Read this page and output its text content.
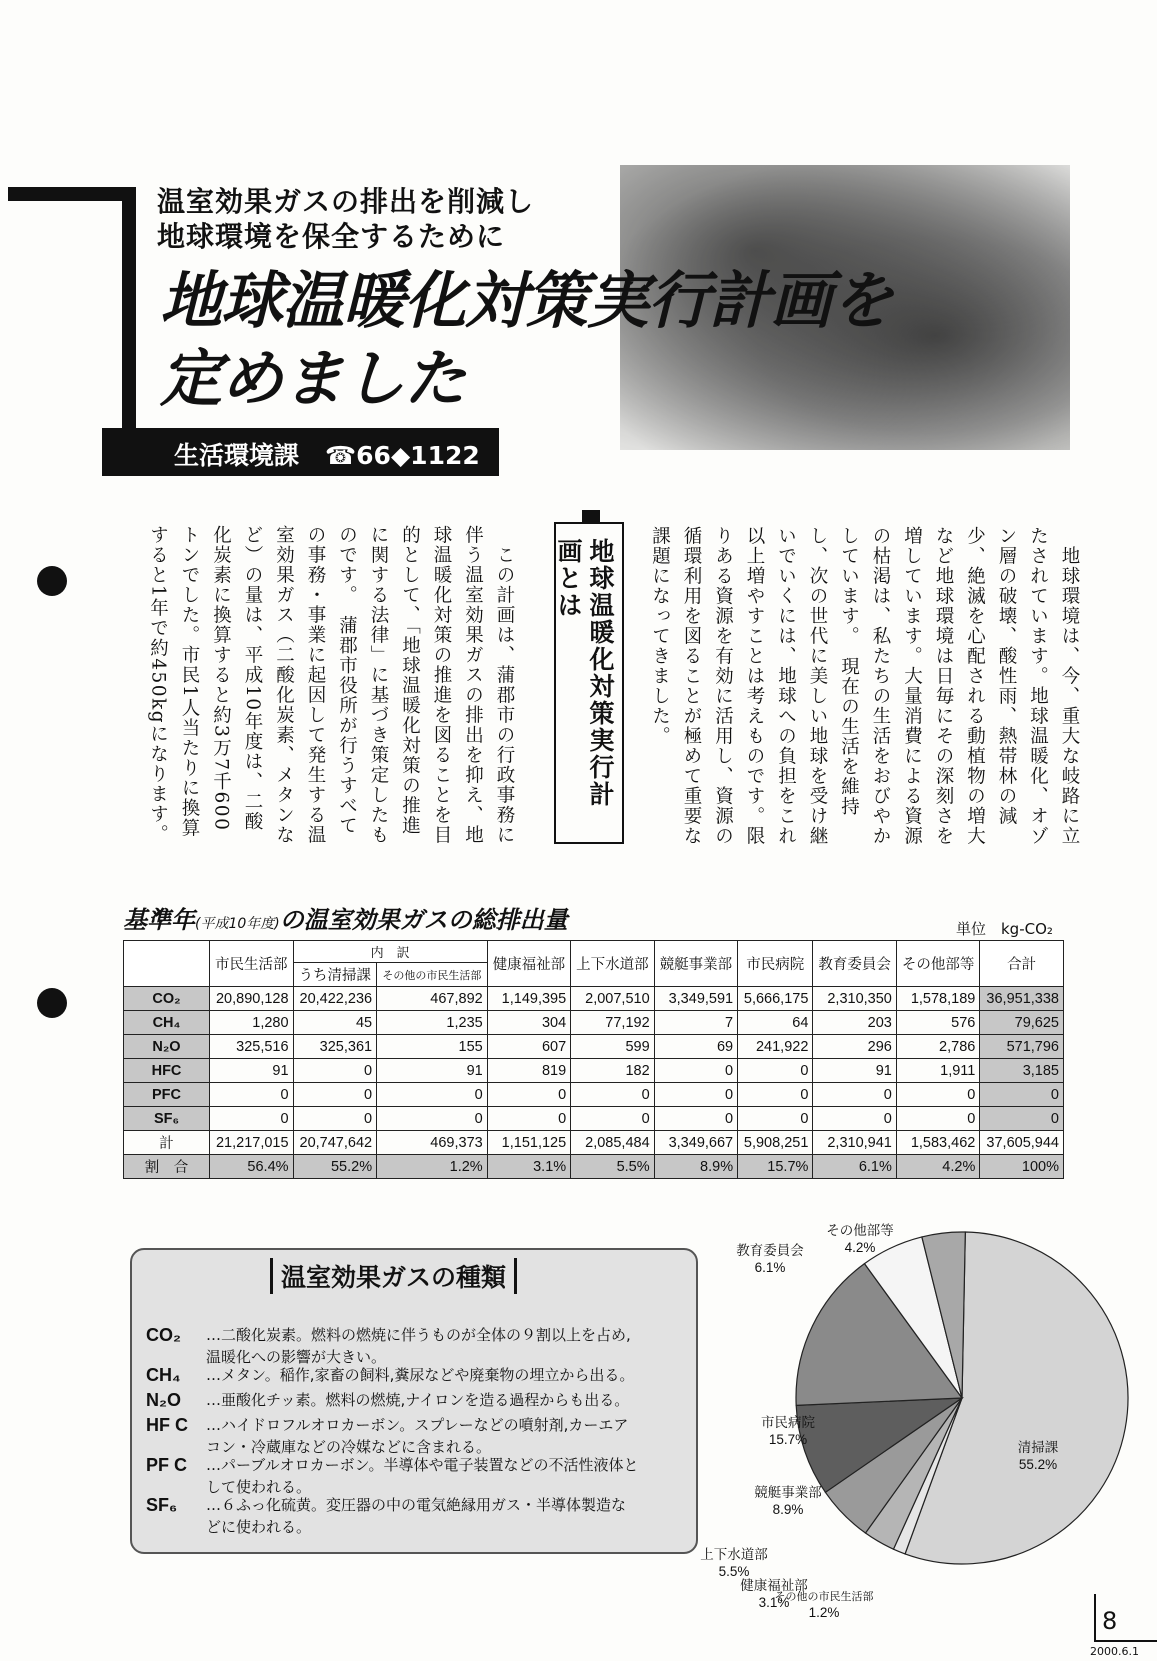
温室効果ガスの排出を削減し
地球環境を保全するために
地球温暖化対策実行計画を
定めました
生活環境課 ☎66◆1122
　地球環境は、今、重大な岐路に立たされています。地球温暖化、オゾン層の破壊、酸性雨、熱帯林の減少、絶滅を心配される動植物の増大など地球環境は日毎にその深刻さを増しています。大量消費による資源の枯渇は、私たちの生活をおびやかしています。　現在の生活を維持し、次の世代に美しい地球を受け継いでいくには、地球への負担をこれ以上増やすことは考えものです。限りある資源を有効に活用し、資源の循環利用を図ることが極めて重要な課題になってきました。
地球温暖化対策実行計画とは
　この計画は、蒲郡市の行政事務に伴う温室効果ガスの排出を抑え、地球温暖化対策の推進を図ることを目的として、「地球温暖化対策の推進に関する法律」に基づき策定したものです。　蒲郡市役所が行うすべての事務・事業に起因して発生する温室効果ガス（二酸化炭素、メタンなど）の量は、平成10年度は、二酸化炭素に換算すると約3万7千600トンでした。市民1人当たりに換算すると1年で約450kgになります。
基準年(平成10年度)の温室効果ガスの総排出量	単位　kg-CO₂
	市民生活部	内　訳		健康福祉部	上下水道部	競艇事業部	市民病院	教育委員会	その他部等	合計
		うち清掃課	その他の市民生活部							
CO₂	20,890,128	20,422,236	467,892	1,149,395	2,007,510	3,349,591	5,666,175	2,310,350	1,578,189	36,951,338
CH₄	1,280	45	1,235	304	77,192	7	64	203	576	79,625
N₂O	325,516	325,361	155	607	599	69	241,922	296	2,786	571,796
HFC	91	0	91	819	182	0	0	91	1,911	3,185
PFC	0	0	0	0	0	0	0	0	0	0
SF₆	0	0	0	0	0	0	0	0	0	0
計	21,217,015	20,747,642	469,373	1,151,125	2,085,484	3,349,667	5,908,251	2,310,941	1,583,462	37,605,944
割　合	56.4%	55.2%	1.2%	3.1%	5.5%	8.9%	15.7%	6.1%	4.2%	100%
温室効果ガスの種類
CO₂	…二酸化炭素。燃料の燃焼に伴うものが全体の９割以上を占め,
温暖化への影響が大きい。
CH₄	…メタン。稲作,家畜の飼料,糞尿などや廃棄物の埋立から出る。
N₂O	…亜酸化チッ素。燃料の燃焼,ナイロンを造る過程からも出る。
HF C	…ハイドロフルオロカーボン。スプレーなどの噴射剤,カーエア
コン・冷蔵庫などの冷媒などに含まれる。
PF C	…パーブルオロカーボン。半導体や電子装置などの不活性液体と
して使われる。
SF₆	…６ふっ化硫黄。変圧器の中の電気絶縁用ガス・半導体製造な
どに使われる。
清掃課
55.2%
その他の市民生活部
1.2%
健康福祉部
3.1%
上下水道部
5.5%
競艇事業部
8.9%
市民病院
15.7%
教育委員会
6.1%
その他部等
4.2%
8
2000.6.1
